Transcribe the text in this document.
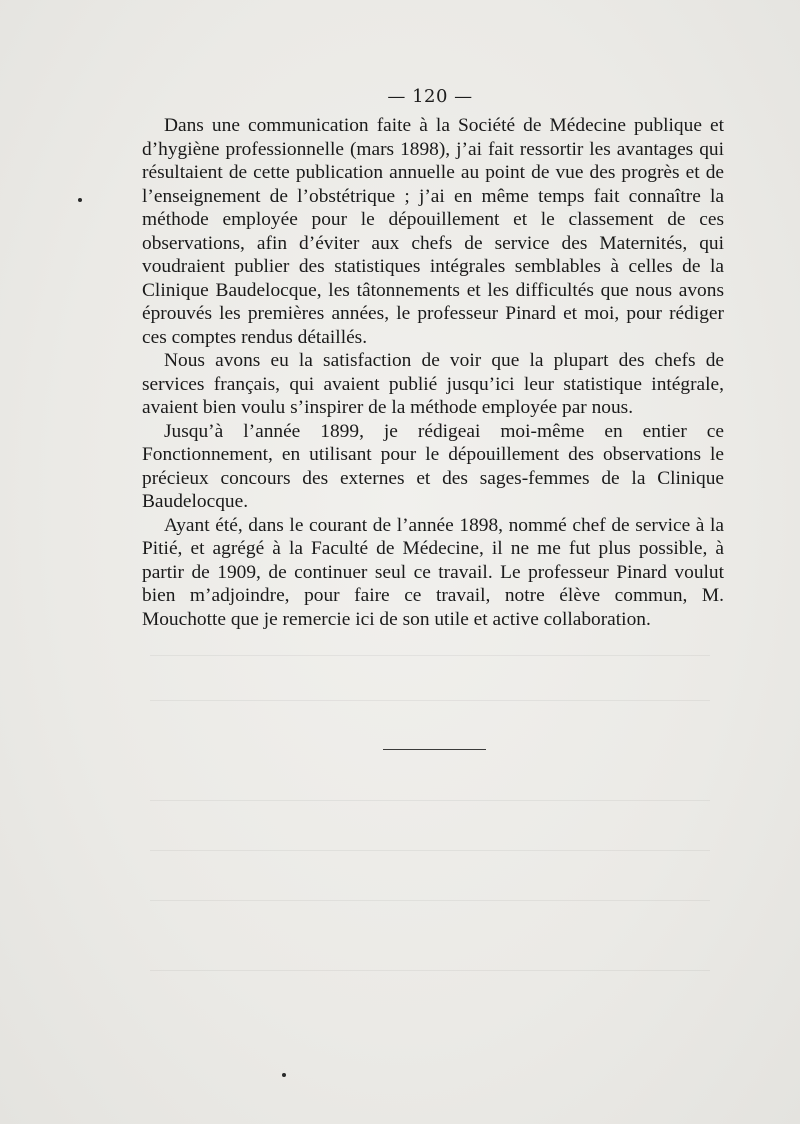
— 120 —

Dans une communication faite à la Société de Médecine publique et d’hygiène professionnelle (mars 1898), j’ai fait ressortir les avantages qui résultaient de cette publication annuelle au point de vue des progrès et de l’enseignement de l’obstétrique ; j’ai en même temps fait connaître la méthode employée pour le dépouillement et le classement de ces observations, afin d’éviter aux chefs de service des Maternités, qui voudraient publier des statistiques intégrales semblables à celles de la Clinique Baudelocque, les tâtonnements et les difficultés que nous avons éprouvés les premières années, le professeur Pinard et moi, pour rédiger ces comptes rendus détaillés.

Nous avons eu la satisfaction de voir que la plupart des chefs de services français, qui avaient publié jusqu’ici leur statistique intégrale, avaient bien voulu s’inspirer de la méthode employée par nous.

Jusqu’à l’année 1899, je rédigeai moi-même en entier ce Fonctionnement, en utilisant pour le dépouillement des observations le précieux concours des externes et des sages-femmes de la Clinique Baudelocque.

Ayant été, dans le courant de l’année 1898, nommé chef de service à la Pitié, et agrégé à la Faculté de Médecine, il ne me fut plus possible, à partir de 1909, de continuer seul ce travail. Le professeur Pinard voulut bien m’adjoindre, pour faire ce travail, notre élève commun, M. Mouchotte que je remercie ici de son utile et active collaboration.
